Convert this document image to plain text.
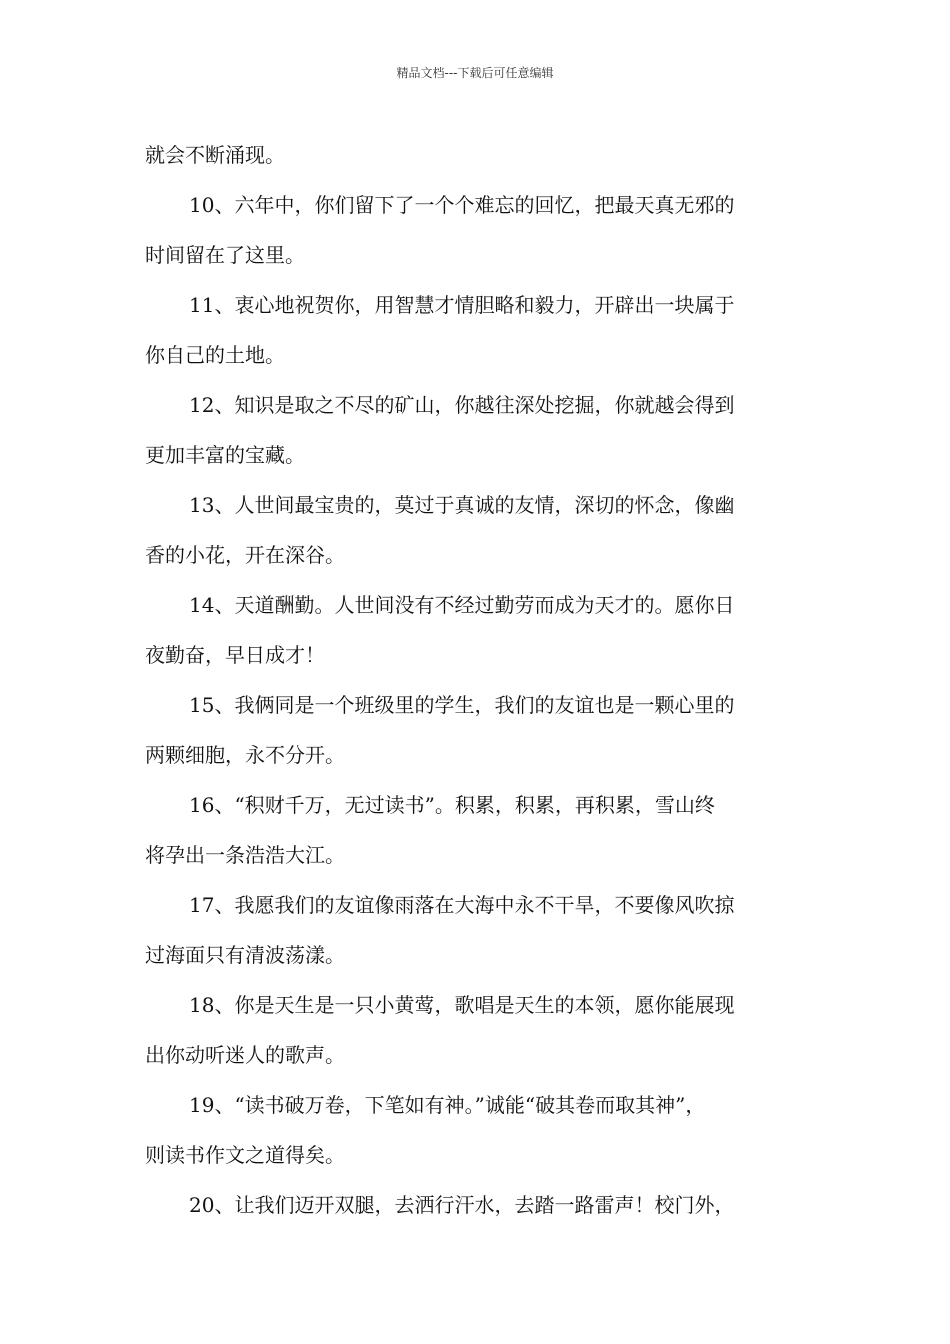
精品文档---下载后可任意编辑

就会不断涌现。

10、六年中，你们留下了一个个难忘的回忆，把最天真无邪的
时间留在了这里。

11、衷心地祝贺你，用智慧才情胆略和毅力，开辟出一块属于
你自己的土地。

12、知识是取之不尽的矿山，你越往深处挖掘，你就越会得到
更加丰富的宝藏。

13、人世间最宝贵的，莫过于真诚的友情，深切的怀念，像幽
香的小花，开在深谷。

14、天道酬勤。人世间没有不经过勤劳而成为天才的。愿你日
夜勤奋，早日成才！

15、我俩同是一个班级里的学生，我们的友谊也是一颗心里的
两颗细胞，永不分开。

16、“积财千万，无过读书”。积累，积累，再积累，雪山终
将孕出一条浩浩大江。

17、我愿我们的友谊像雨落在大海中永不干旱，不要像风吹掠
过海面只有清波荡漾。

18、你是天生是一只小黄莺，歌唱是天生的本领，愿你能展现
出你动听迷人的歌声。

19、“读书破万卷，下笔如有神。”诚能“破其卷而取其神”，
则读书作文之道得矣。

20、让我们迈开双腿，去洒行汗水，去踏一路雷声！校门外，
